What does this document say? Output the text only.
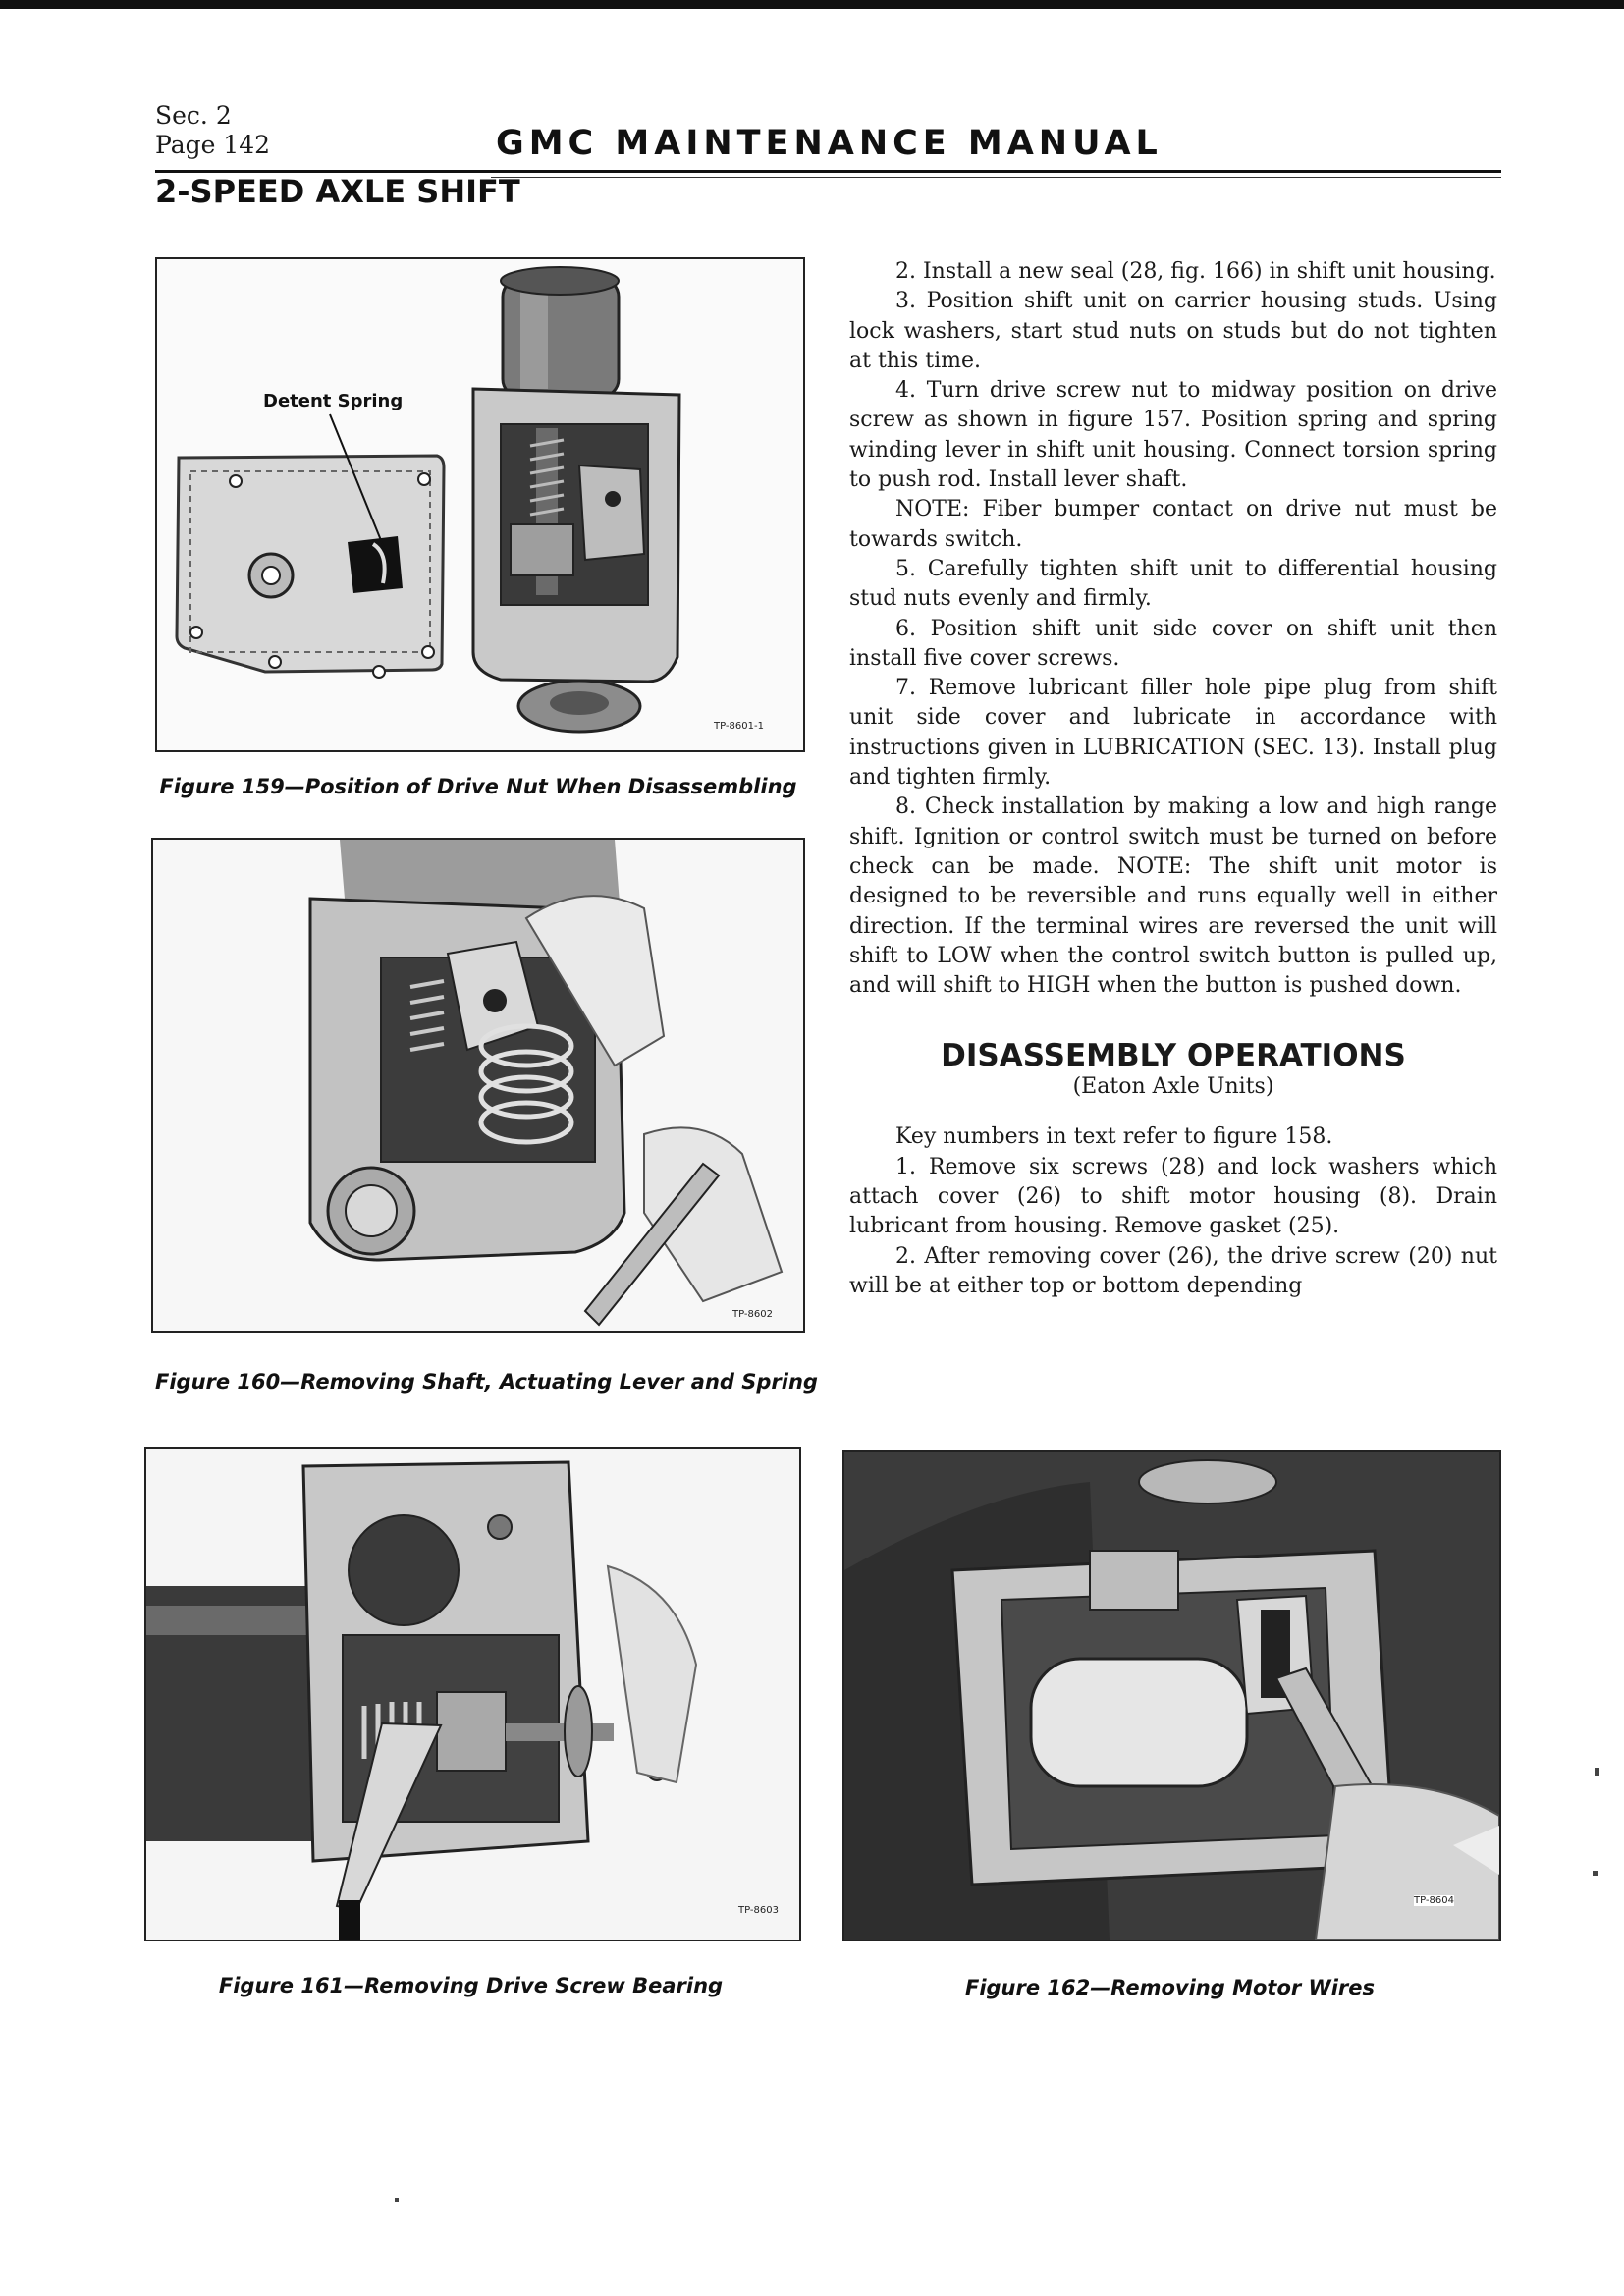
Sec. 2
Page 142	GMC MAINTENANCE MANUAL
2-SPEED AXLE SHIFT
Detent Spring
TP-8601-1
Figure 159—Position of Drive Nut When Disassembling
TP-8602
Figure 160—Removing Shaft, Actuating Lever and Spring
TP-8603
Figure 161—Removing Drive Screw Bearing
TP-8604
Figure 162—Removing Motor Wires

2. Install a new seal (28, fig. 166) in shift unit housing.

3. Position shift unit on carrier housing studs. Using lock washers, start stud nuts on studs but do not tighten at this time.

4. Turn drive screw nut to midway position on drive screw as shown in figure 157. Position spring and spring winding lever in shift unit housing. Connect torsion spring to push rod. Install lever shaft.

NOTE: Fiber bumper contact on drive nut must be towards switch.

5. Carefully tighten shift unit to differential housing stud nuts evenly and firmly.

6. Position shift unit side cover on shift unit then install five cover screws.

7. Remove lubricant filler hole pipe plug from shift unit side cover and lubricate in accordance with instructions given in LUBRICATION (SEC. 13). Install plug and tighten firmly.

8. Check installation by making a low and high range shift. Ignition or control switch must be turned on before check can be made. NOTE: The shift unit motor is designed to be reversible and runs equally well in either direction. If the terminal wires are reversed the unit will shift to LOW when the control switch button is pulled up, and will shift to HIGH when the button is pushed down.

DISASSEMBLY OPERATIONS
(Eaton Axle Units)

Key numbers in text refer to figure 158.

1. Remove six screws (28) and lock washers which attach cover (26) to shift motor housing (8). Drain lubricant from housing. Remove gasket (25).

2. After removing cover (26), the drive screw (20) nut will be at either top or bottom depending
